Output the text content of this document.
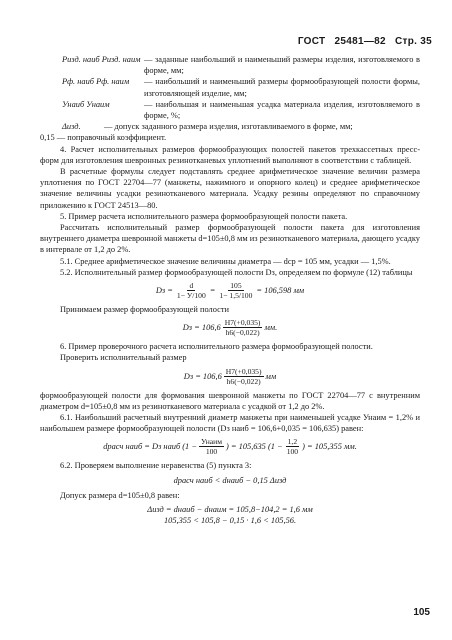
ГОСТ 25481—82 Стр. 35
Pизд. наиб Pизд. наим — заданные наибольший и наименьший размеры изделия, изготовляемого в форме, мм;
Pф. наиб Pф. наим	— наибольший и наименьший размеры формообразующей полости формы, изготовляющей изделие, мм;
Унаиб Унаим	— наибольшая и наименьшая усадка материала изделия, изготовляемого в форме, %;
Δизд.	— допуск заданного размера изделия, изготавливаемого в форме, мм;

0,15 — поправочный коэффициент.

4. Расчет исполнительных размеров формообразующих полостей пакетов трехкассетных пресс-форм для изготовления шевронных резинотканевых уплотнений выполняют в соответствии с таблицей.

В расчетные формулы следует подставлять среднее арифметическое значение величин размера уплотнения по ГОСТ 22704—77 (манжеты, нажимного и опорного колец) и среднее арифметическое значение величины усадки резинотканевого материала. Усадку резины определяют по справочному приложению к ГОСТ 24513—80.

5. Пример расчета исполнительного размера формообразующей полости пакета.

Рассчитать исполнительный размер формообразующей полости пакета для изготовления внутреннего диаметра шевронной манжеты d=105±0,8 мм из резинотканевого материала, дающего усадку в интервале от 1,2 до 2%.

5.1. Среднее арифметическое значение величины диаметра — dср = 105 мм, усадки — 1,5%.

5.2. Исполнительный размер формообразующей полости Dз, определяем по формуле (12) таблицы

Dз = $\frac{d}{1- У/100} = \frac{105}{1- 1,5/100} = 106,598$ мм

Принимаем размер формообразующей полости

Dз = $106,6 \frac{Н7(+0,035)}{h6(-0,022)}$ мм.

6. Пример проверочного расчета исполнительного размера формообразующей полости.

Проверить исполнительный размер

Dз = $106,6 \frac{Н7(+0,035)}{h6(-0,022)}$ мм

формообразующей полости для формования шевронной манжеты по ГОСТ 22704—77 с внутренним диаметром d=105±0,8 мм из резинотканевого материала с усадкой от 1,2 до 2%.

6.1. Наибольший расчетный внутренний диаметр манжеты при наименьшей усадке Унаим = 1,2% и наибольшем размере формообразующей полости (Dз наиб = 106,6+0,035 = 106,635) равен:

dрасч наиб = Dз наиб ($1 - \frac{\text{Унаим}}{100}$ ) = 105,635 ($1 - \frac{1,2}{100}$ ) = 105,355 мм.

6.2. Проверяем выполнение неравенства (5) пункта 3:

dрасч наиб < dнаиб − 0,15 Δизд

Допуск размера d=105±0,8 равен:

Δизд = dнаиб − dнаим = 105,8−104,2 = 1,6 мм
105,355 < 105,8 − 0,15 · 1,6 < 105,56.
105
